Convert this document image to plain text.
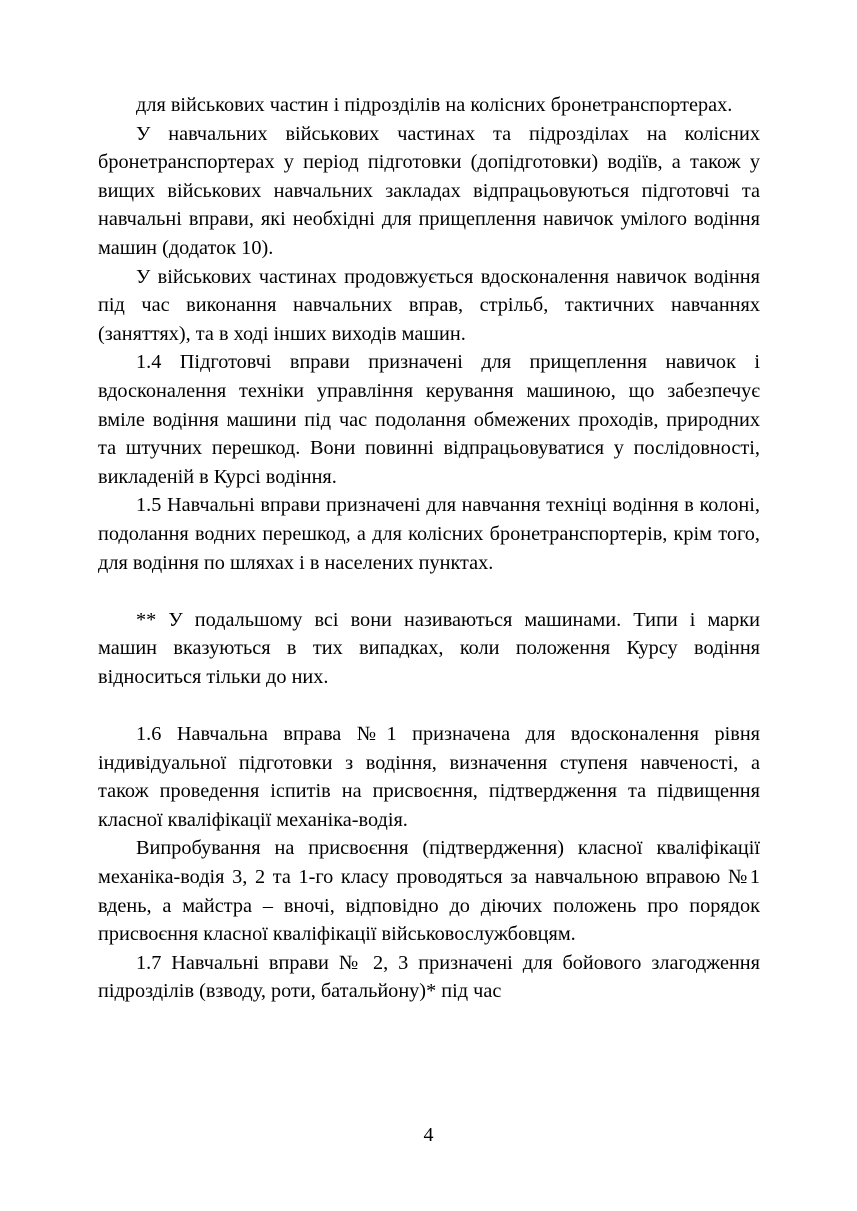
для військових частин і підрозділів на колісних бронетранспортерах.

У навчальних військових частинах та підрозділах на колісних бронетранспортерах у період підготовки (допідготовки) водіїв, а також у вищих військових навчальних закладах відпрацьовуються підготовчі та навчальні вправи, які необхідні для прищеплення навичок умілого водіння машин (додаток 10).

У військових частинах продовжується вдосконалення навичок водіння під час виконання навчальних вправ, стрільб, тактичних навчаннях (заняттях), та в ході інших виходів машин.

1.4 Підготовчі вправи призначені для прищеплення навичок і вдосконалення техніки управління керування машиною, що забезпечує вміле водіння машини під час подолання обмежених проходів, природних та штучних перешкод. Вони повинні відпрацьовуватися у послідовності, викладеній в Курсі водіння.

1.5 Навчальні вправи призначені для навчання техніці водіння в колоні, подолання водних перешкод, а для колісних бронетранспортерів, крім того, для водіння по шляхах і в населених пунктах.

** У подальшому всі вони називаються машинами. Типи і марки машин вказуються в тих випадках, коли положення Курсу водіння відноситься тільки до них.

1.6 Навчальна вправа №1 призначена для вдосконалення рівня індивідуальної підготовки з водіння, визначення ступеня навченості, а також проведення іспитів на присвоєння, підтвердження та підвищення класної кваліфікації механіка-водія.

Випробування на присвоєння (підтвердження) класної кваліфікації механіка-водія 3, 2 та 1-го класу проводяться за навчальною вправою №1 вдень, а майстра – вночі, відповідно до діючих положень про порядок присвоєння класної кваліфікації військовослужбовцям.

1.7 Навчальні вправи № 2, 3 призначені для бойового злагодження підрозділів (взводу, роти, батальйону)* під час

4
